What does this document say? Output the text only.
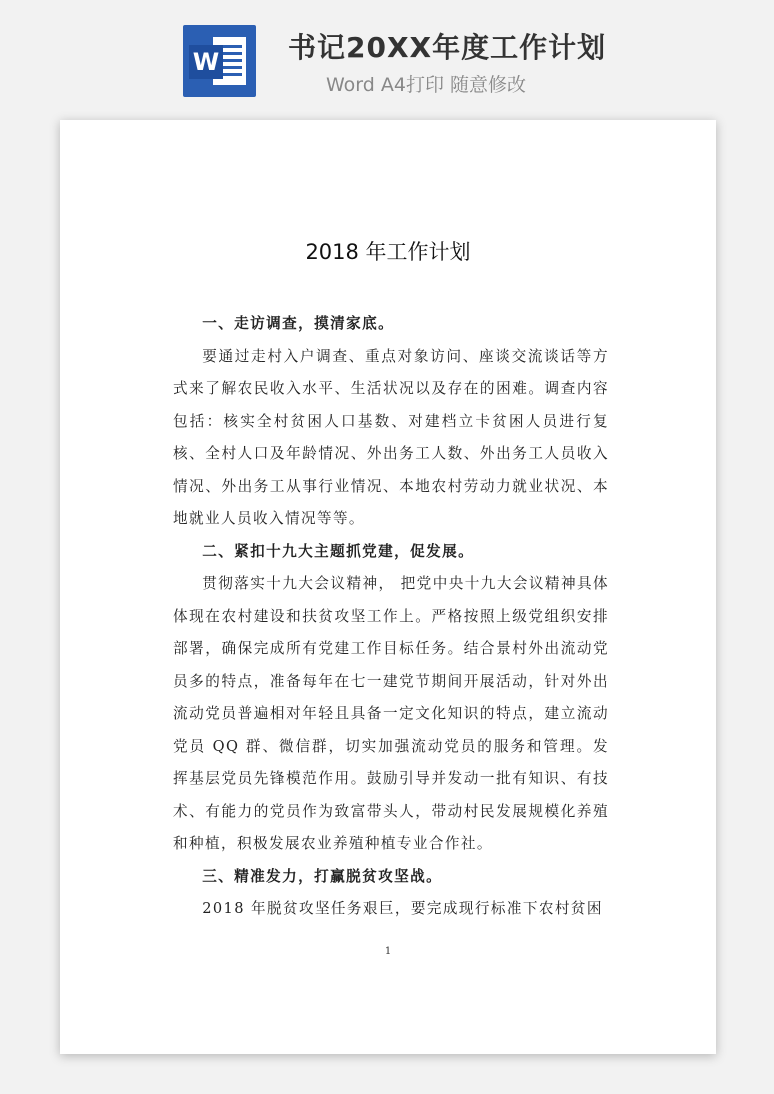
W 书记20XX年度工作计划
Word A4打印 随意修改
2018 年工作计划

一、走访调查，摸清家底。

要通过走村入户调查、重点对象访问、座谈交流谈话等方式来了解农民收入水平、生活状况以及存在的困难。调查内容包括：核实全村贫困人口基数、对建档立卡贫困人员进行复核、全村人口及年龄情况、外出务工人数、外出务工人员收入情况、外出务工从事行业情况、本地农村劳动力就业状况、本地就业人员收入情况等等。

二、紧扣十九大主题抓党建，促发展。

贯彻落实十九大会议精神， 把党中央十九大会议精神具体体现在农村建设和扶贫攻坚工作上。严格按照上级党组织安排部署，确保完成所有党建工作目标任务。结合景村外出流动党员多的特点，准备每年在七一建党节期间开展活动，针对外出流动党员普遍相对年轻且具备一定文化知识的特点，建立流动党员 QQ 群、微信群，切实加强流动党员的服务和管理。发挥基层党员先锋模范作用。鼓励引导并发动一批有知识、有技术、有能力的党员作为致富带头人，带动村民发展规模化养殖和种植，积极发展农业养殖种植专业合作社。

三、精准发力，打赢脱贫攻坚战。

2018 年脱贫攻坚任务艰巨，要完成现行标准下农村贫困

1
